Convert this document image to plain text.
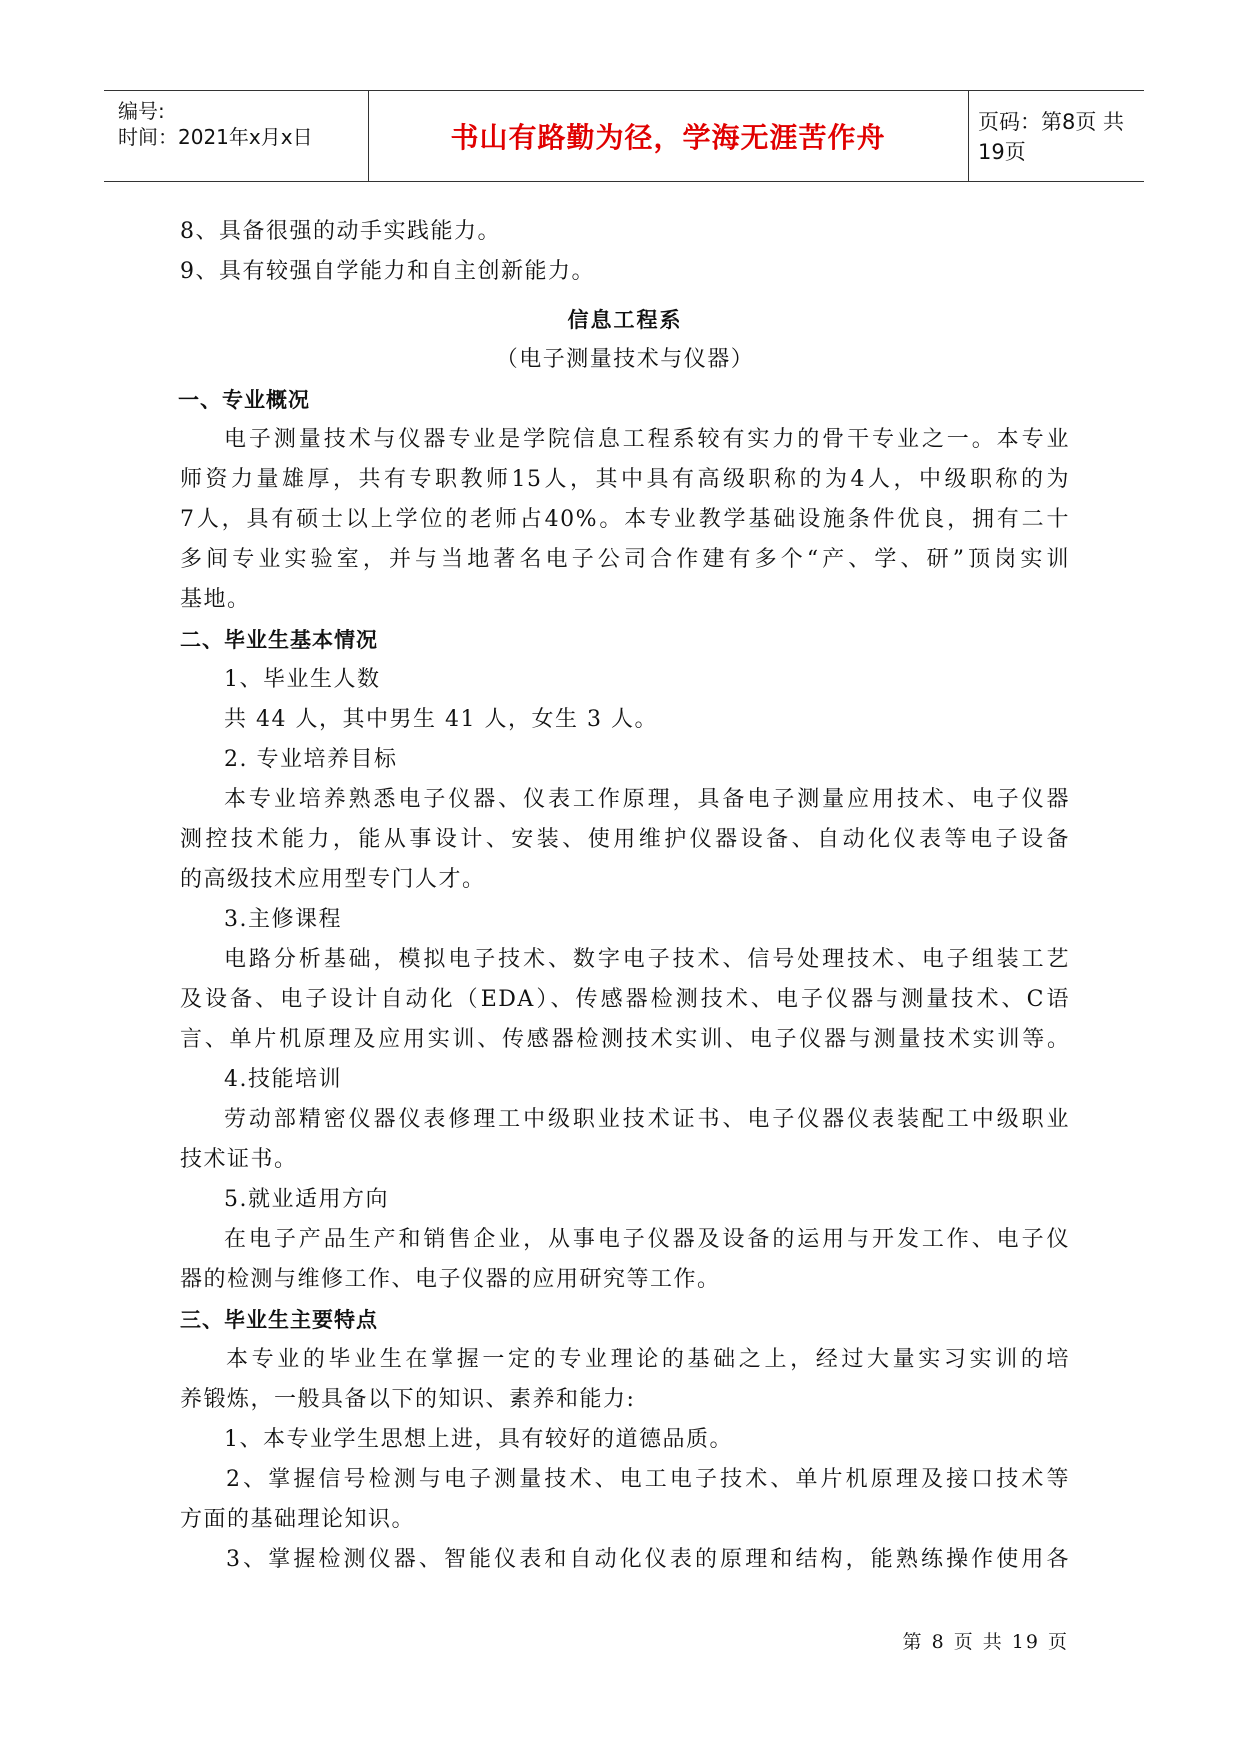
编号:
时间：2021年x月x日	书山有路勤为径，学海无涯苦作舟	页码：第8页 共19页
8、具备很强的动手实践能力。
9、具有较强自学能力和自主创新能力。
信息工程系
（电子测量技术与仪器）
一、专业概况
电子测量技术与仪器专业是学院信息工程系较有实力的骨干专业之一。本专业
师资力量雄厚，共有专职教师15人，其中具有高级职称的为4人，中级职称的为
7人，具有硕士以上学位的老师占40%。本专业教学基础设施条件优良，拥有二十
多间专业实验室，并与当地著名电子公司合作建有多个“产、学、研”顶岗实训
基地。
二、毕业生基本情况
1、毕业生人数
共 44 人，其中男生 41 人，女生 3 人。
2. 专业培养目标
本专业培养熟悉电子仪器、仪表工作原理，具备电子测量应用技术、电子仪器
测控技术能力，能从事设计、安装、使用维护仪器设备、自动化仪表等电子设备
的高级技术应用型专门人才。
3.主修课程
电路分析基础，模拟电子技术、数字电子技术、信号处理技术、电子组装工艺
及设备、电子设计自动化（EDA）、传感器检测技术、电子仪器与测量技术、C语
言、单片机原理及应用实训、传感器检测技术实训、电子仪器与测量技术实训等。
4.技能培训
劳动部精密仪器仪表修理工中级职业技术证书、电子仪器仪表装配工中级职业
技术证书。
5.就业适用方向
在电子产品生产和销售企业，从事电子仪器及设备的运用与开发工作、电子仪
器的检测与维修工作、电子仪器的应用研究等工作。
三、毕业生主要特点
本专业的毕业生在掌握一定的专业理论的基础之上，经过大量实习实训的培
养锻炼，一般具备以下的知识、素养和能力:
1、本专业学生思想上进，具有较好的道德品质。
2、掌握信号检测与电子测量技术、电工电子技术、单片机原理及接口技术等
方面的基础理论知识。
3、掌握检测仪器、智能仪表和自动化仪表的原理和结构，能熟练操作使用各
第 8 页 共 19 页
